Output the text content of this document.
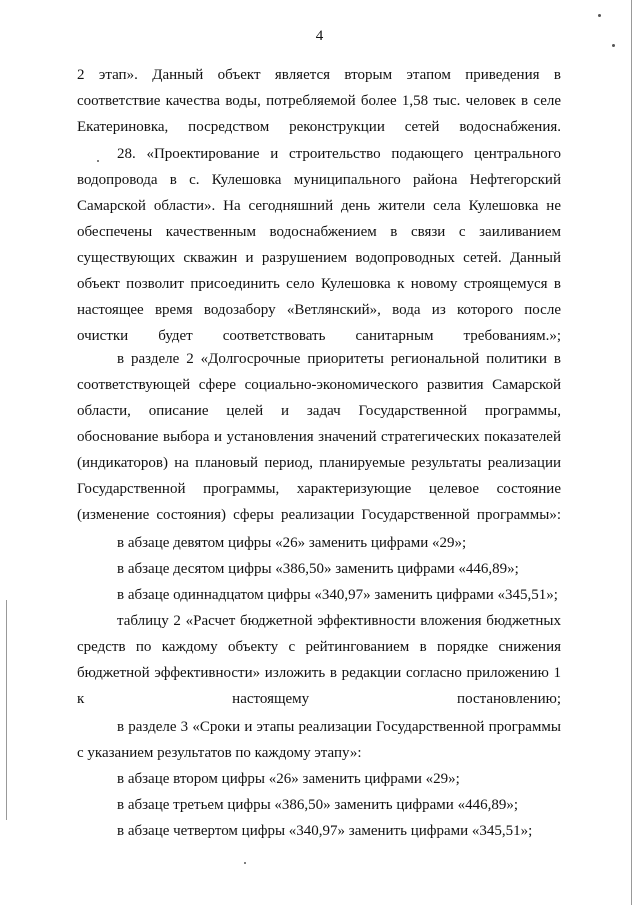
4
2 этап». Данный объект является вторым этапом приведения в соответствие качества воды, потребляемой более 1,58 тыс. человек в селе Екатериновка, посредством реконструкции сетей водоснабжения.
28. «Проектирование и строительство подающего центрального водопровода в с. Кулешовка муниципального района Нефтегорский Самарской области». На сегодняшний день жители села Кулешовка не обеспечены качественным водоснабжением в связи с заиливанием существующих скважин и разрушением водопроводных сетей. Данный объект позволит присоединить село Кулешовка к новому строящемуся в настоящее время водозабору «Ветлянский», вода из которого после очистки будет соответствовать санитарным требованиям.»;
в разделе 2 «Долгосрочные приоритеты региональной политики в соответствующей сфере социально-экономического развития Самарской области, описание целей и задач Государственной программы, обоснование выбора и установления значений стратегических показателей (индикаторов) на плановый период, планируемые результаты реализации Государственной программы, характеризующие целевое состояние (изменение состояния) сферы реализации Государственной программы»:
в абзаце девятом цифры «26» заменить цифрами «29»;
в абзаце десятом цифры «386,50» заменить цифрами «446,89»;
в абзаце одиннадцатом цифры «340,97» заменить цифрами «345,51»;
таблицу 2 «Расчет бюджетной эффективности вложения бюджетных средств по каждому объекту с рейтингованием в порядке снижения бюджетной эффективности» изложить в редакции согласно приложению 1 к настоящему постановлению;
в разделе 3 «Сроки и этапы реализации Государственной программы с указанием результатов по каждому этапу»:
в абзаце втором цифры «26» заменить цифрами «29»;
в абзаце третьем цифры «386,50» заменить цифрами «446,89»;
в абзаце четвертом цифры «340,97» заменить цифрами «345,51»;
